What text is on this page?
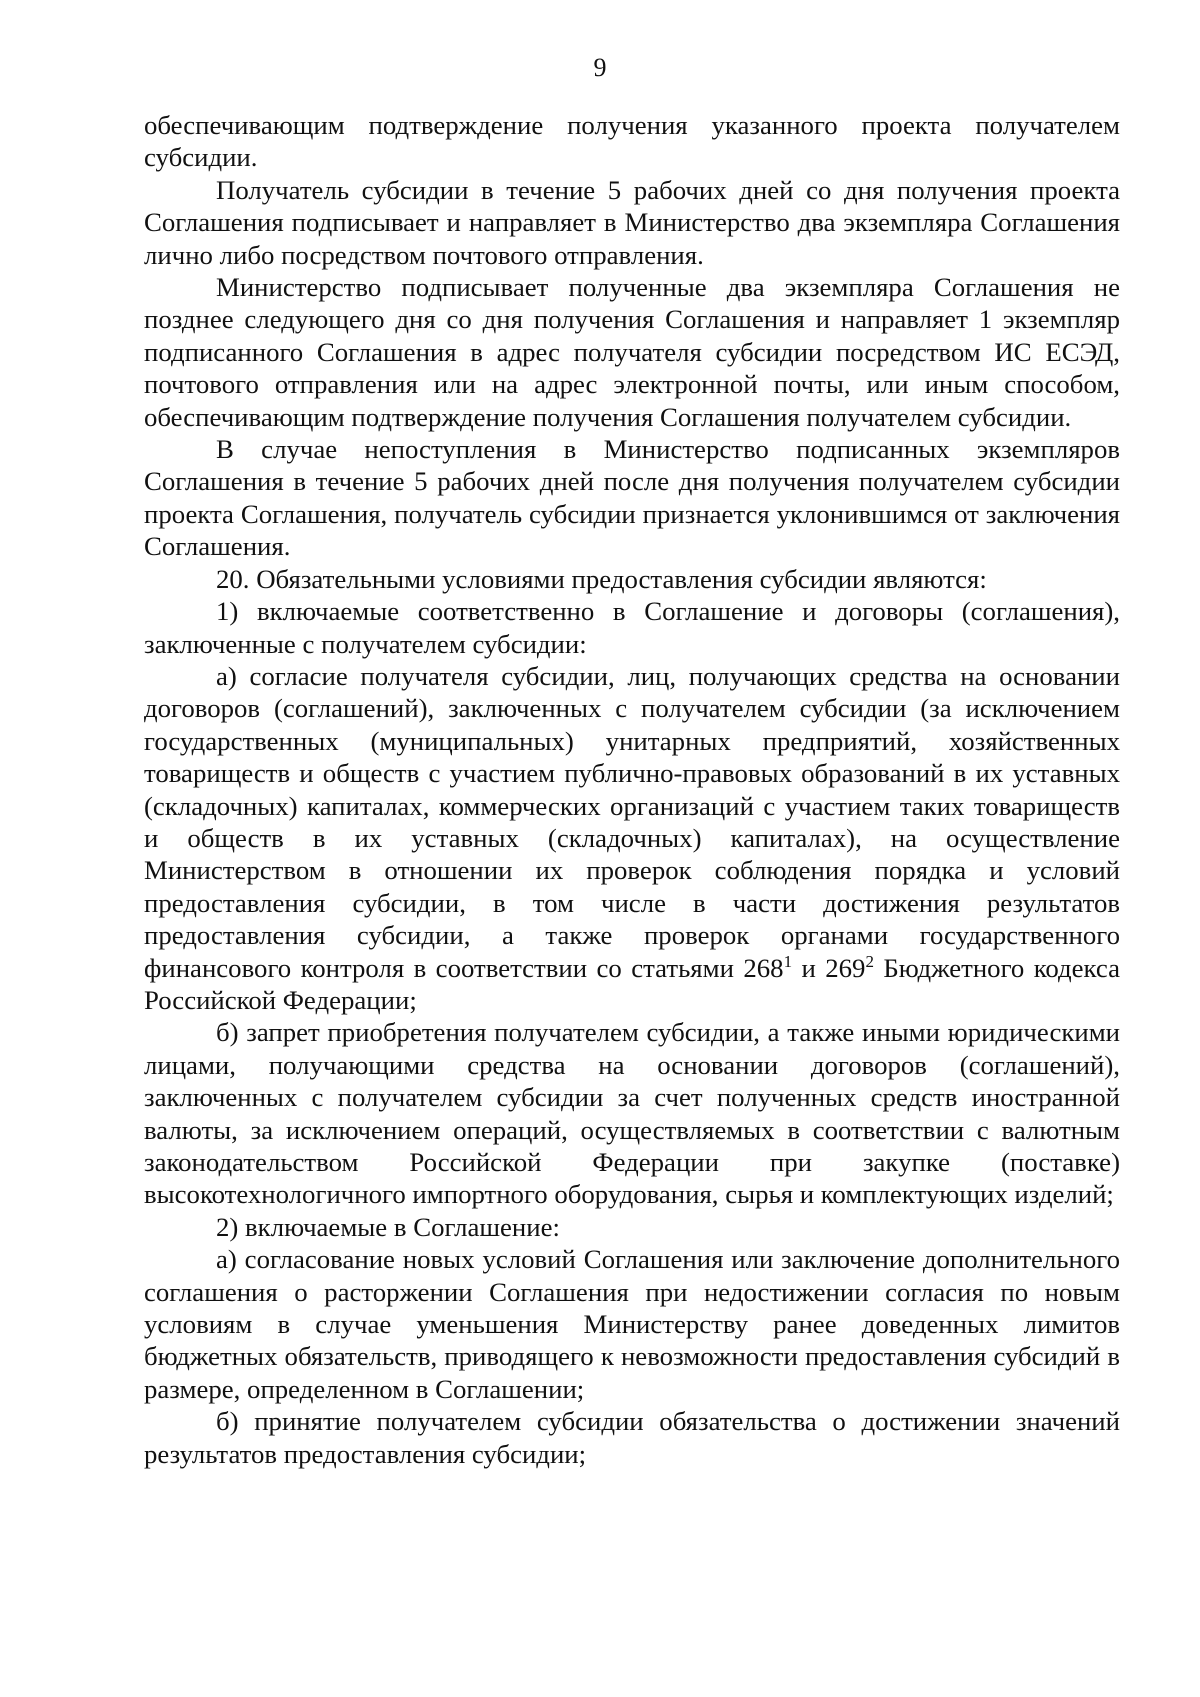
9

обеспечивающим подтверждение получения указанного проекта получателем субсидии.

Получатель субсидии в течение 5 рабочих дней со дня получения проекта Соглашения подписывает и направляет в Министерство два экземпляра Соглашения лично либо посредством почтового отправления.

Министерство подписывает полученные два экземпляра Соглашения не позднее следующего дня со дня получения Соглашения и направляет 1 экземпляр подписанного Соглашения в адрес получателя субсидии посредством ИС ЕСЭД, почтового отправления или на адрес электронной почты, или иным способом, обеспечивающим подтверждение получения Соглашения получателем субсидии.

В случае непоступления в Министерство подписанных экземпляров Соглашения в течение 5 рабочих дней после дня получения получателем субсидии проекта Соглашения, получатель субсидии признается уклонившимся от заключения Соглашения.

20. Обязательными условиями предоставления субсидии являются:

1) включаемые соответственно в Соглашение и договоры (соглашения), заключенные с получателем субсидии:

а) согласие получателя субсидии, лиц, получающих средства на основании договоров (соглашений), заключенных с получателем субсидии (за исключением государственных (муниципальных) унитарных предприятий, хозяйственных товариществ и обществ с участием публично-правовых образований в их уставных (складочных) капиталах, коммерческих организаций с участием таких товариществ и обществ в их уставных (складочных) капиталах), на осуществление Министерством в отношении их проверок соблюдения порядка и условий предоставления субсидии, в том числе в части достижения результатов предоставления субсидии, а также проверок органами государственного финансового контроля в соответствии со статьями $268^1$ и $269^2$ Бюджетного кодекса Российской Федерации;

б) запрет приобретения получателем субсидии, а также иными юридическими лицами, получающими средства на основании договоров (соглашений), заключенных с получателем субсидии за счет полученных средств иностранной валюты, за исключением операций, осуществляемых в соответствии с валютным законодательством Российской Федерации при закупке (поставке) высокотехнологичного импортного оборудования, сырья и комплектующих изделий;

2) включаемые в Соглашение:

а) согласование новых условий Соглашения или заключение дополнительного соглашения о расторжении Соглашения при недостижении согласия по новым условиям в случае уменьшения Министерству ранее доведенных лимитов бюджетных обязательств, приводящего к невозможности предоставления субсидий в размере, определенном в Соглашении;

б) принятие получателем субсидии обязательства о достижении значений результатов предоставления субсидии;
